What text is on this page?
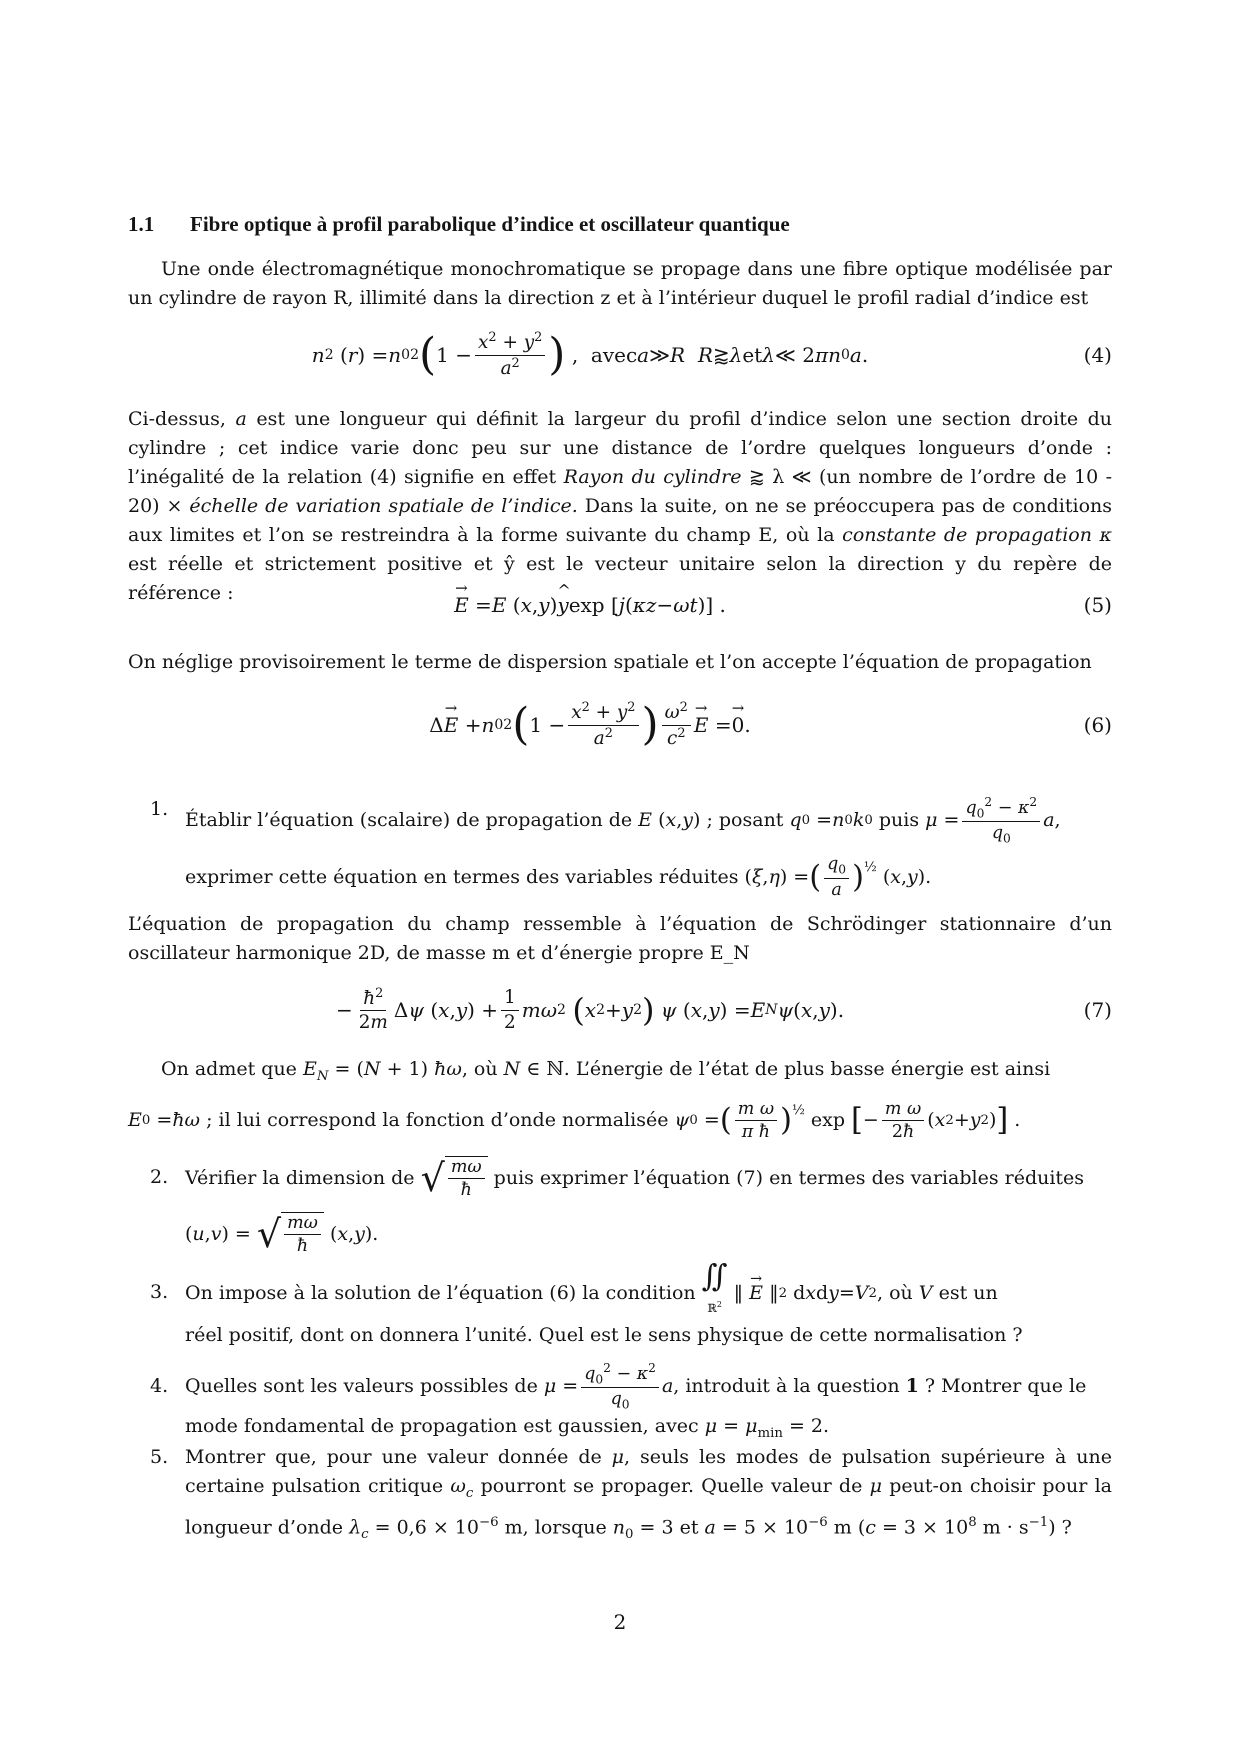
1.1 Fibre optique à profil parabolique d’indice et oscillateur quantique
Une onde électromagnétique monochromatique se propage dans une fibre optique modélisée par un cylindre de rayon R, illimité dans la direction z et à l’intérieur duquel le profil radial d’indice est
n 2 ( r ) = n 0 2 ( $1 - \frac{x^2 + y^2}{a^2}$ ) ,  avec a ≫ R
R ⪆ λ et λ ≪ 2 πn 0 a .	(4)
Ci-dessus, a est une longueur qui définit la largeur du profil d’indice selon une section droite du cylindre ; cet indice varie donc peu sur une distance de l’ordre quelques longueurs d’onde : l’inégalité de la relation (4) signifie en effet Rayon du cylindre ⪆ λ ≪ (un nombre de l’ordre de 10 - 20) × échelle de variation spatiale de l’indice. Dans la suite, on ne se préoccupera pas de conditions aux limites et l’on se restreindra à la forme suivante du champ E, où la constante de propagation κ est réelle et strictement positive et ŷ est le vecteur unitaire selon la direction y du repère de référence :
→	E = E ( x , y )
^ y exp [ j ( κz − ωt )] .	(5)
On néglige provisoirement le terme de dispersion spatiale et l’on accepte l’équation de propagation
Δ
→ E + n 0 2 ( $1 - \frac{x^2 + y^2}{a^2}$ ) $\frac{\omega^2}{c^2}$
→ E =
→ 0 .	(6)
1. Établir l’équation (scalaire) de propagation de E ( x , y ) ; posant q 0 = n 0 k 0 puis $\mu = \frac{q_0^2 - \kappa^2}{q_0}$ a ,
exprimer cette équation en termes des variables réduites ( ξ , η ) = ( $\frac{q_0}{a} )^{\frac{1}{2}}$ ( x , y ).
L’équation de propagation du champ ressemble à l’équation de Schrödinger stationnaire d’un oscillateur harmonique 2D, de masse m et d’énergie propre E_N
− $\frac{ħ^2}{2m}$ Δ ψ ( x , y ) + $\frac{1}{2}$ mω 2
( x 2 + y 2 )
ψ ( x , y ) = E N ψ ( x , y ).	(7)
On admet que $E_N = (N + 1)$ ħω, où N ∈ ℕ. L’énergie de l’état de plus basse énergie est ainsi
E 0 = ħω ; il lui correspond la fonction d’onde normalisée ψ 0 = ( $\frac{\text{m ω}}{\text{π ħ}} )^{\frac{1}{2}}$ exp [ − $\frac{\text{m ω}}{2ħ}$ ( x 2 + y 2 ) ] .
2. Vérifier la dimension de √ $\frac{m\omega}{ħ}$ puis exprimer l’équation (7) en termes des variables réduites
( u , v ) = √ $\frac{m\omega}{ħ}$ ( x , y ).
3. On impose à la solution de l’équation (6) la condition ∬
ℝ$^2$
‖
→ E ‖ 2 d x d y = V 2 , où V est un
réel positif, dont on donnera l’unité. Quel est le sens physique de cette normalisation ?
4. Quelles sont les valeurs possibles de $\mu = \frac{q_0^2 - \kappa^2}{q_0}$ a , introduit à la question 1 ? Montrer que le
mode fondamental de propagation est gaussien, avec $\mu = \mu_{min} = 2$.
5. Montrer que, pour une valeur donnée de μ, seuls les modes de pulsation supérieure à une certaine pulsation critique $\omega_c$ pourront se propager. Quelle valeur de μ peut-on choisir pour la longueur d’onde $\lambda_c = 0,6 \times 10^{-6}$ m, lorsque $n_0 = 3$ et $a = 5 \times 10^{-6}$ m ($c = 3 \times 10^8$ $m \cdot s^{-1}$) ?
2
